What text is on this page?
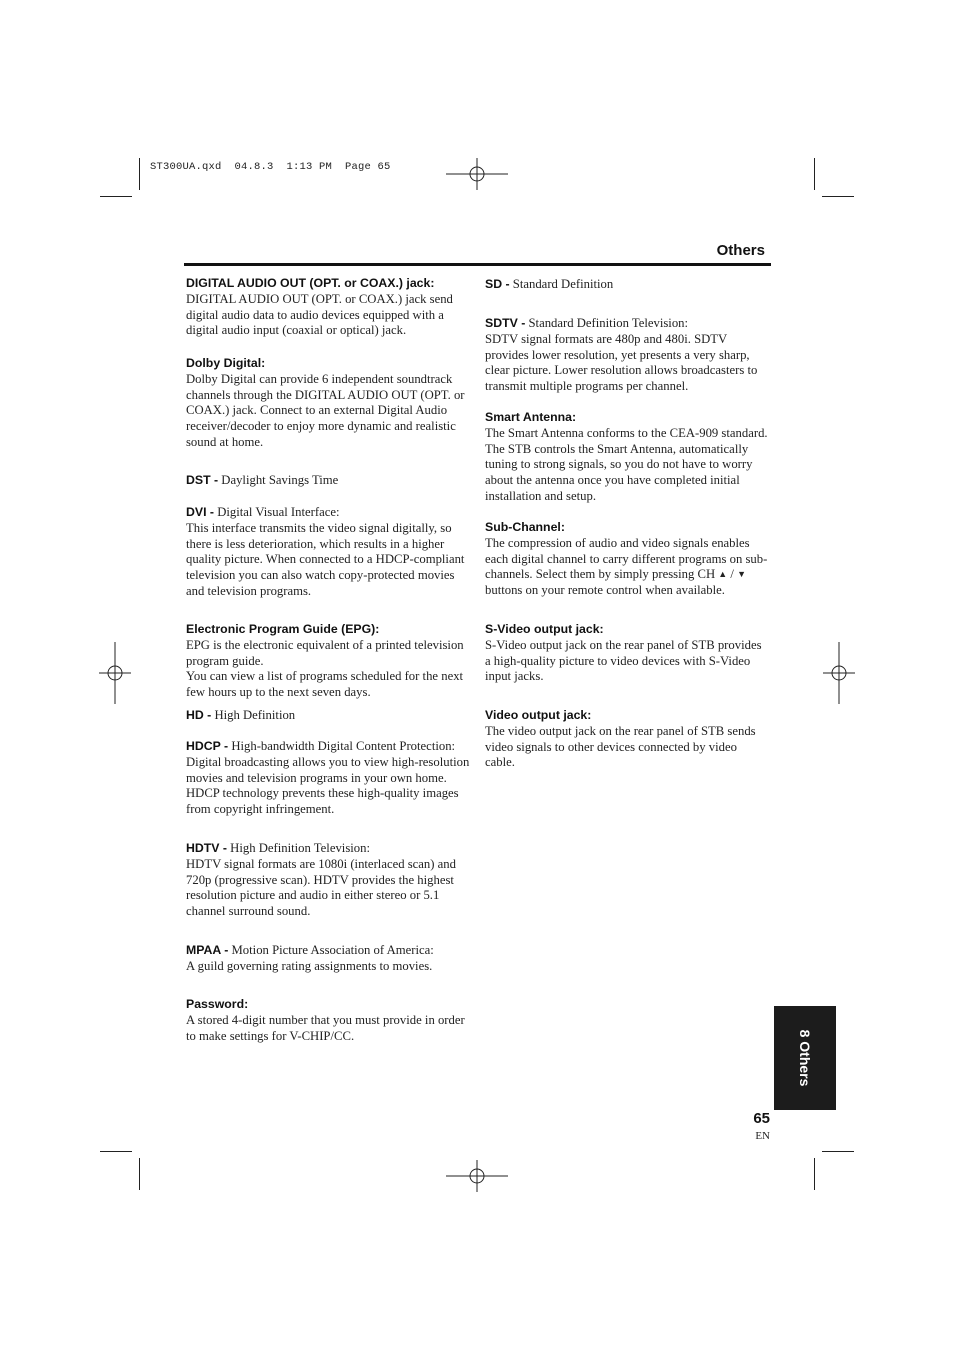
ST300UA.qxd  04.8.3  1:13 PM  Page 65
Others
DIGITAL AUDIO OUT (OPT. or COAX.) jack:
DIGITAL AUDIO OUT (OPT. or COAX.) jack send digital audio data to audio devices equipped with a digital audio input (coaxial or optical) jack.
Dolby Digital:
Dolby Digital can provide 6 independent soundtrack channels through the DIGITAL AUDIO OUT (OPT. or COAX.) jack. Connect to an external Digital Audio receiver/decoder to enjoy more dynamic and realistic sound at home.
DST - Daylight Savings Time
DVI - Digital Visual Interface:
This interface transmits the video signal digitally, so there is less deterioration, which results in a higher quality picture. When connected to a HDCP-compliant television you can also watch copy-protected movies and television programs.
Electronic Program Guide (EPG):
EPG is the electronic equivalent of a printed television program guide.
You can view a list of programs scheduled for the next few hours up to the next seven days.
HD - High Definition
HDCP - High-bandwidth Digital Content Protection:
Digital broadcasting allows you to view high-resolution movies and television programs in your own home. HDCP technology prevents these high-quality images from copyright infringement.
HDTV - High Definition Television:
HDTV signal formats are 1080i (interlaced scan) and 720p (progressive scan). HDTV provides the highest resolution picture and audio in either stereo or 5.1 channel surround sound.
MPAA - Motion Picture Association of America:
A guild governing rating assignments to movies.
Password:
A stored 4-digit number that you must provide in order to make settings for V-CHIP/CC.
SD - Standard Definition
SDTV - Standard Definition Television:
SDTV signal formats are 480p and 480i. SDTV provides lower resolution, yet presents a very sharp, clear picture. Lower resolution allows broadcasters to transmit multiple programs per channel.
Smart Antenna:
The Smart Antenna conforms to the CEA-909 standard. The STB controls the Smart Antenna, automatically tuning to strong signals, so you do not have to worry about the antenna once you have completed initial installation and setup.
Sub-Channel:
The compression of audio and video signals enables each digital channel to carry different programs on sub-channels. Select them by simply pressing CH ▲ / ▼ buttons on your remote control when available.
S-Video output jack:
S-Video output jack on the rear panel of STB provides a high-quality picture to video devices with S-Video input jacks.
Video output jack:
The video output jack on the rear panel of STB sends video signals to other devices connected by video cable.
8 Others
65
EN
